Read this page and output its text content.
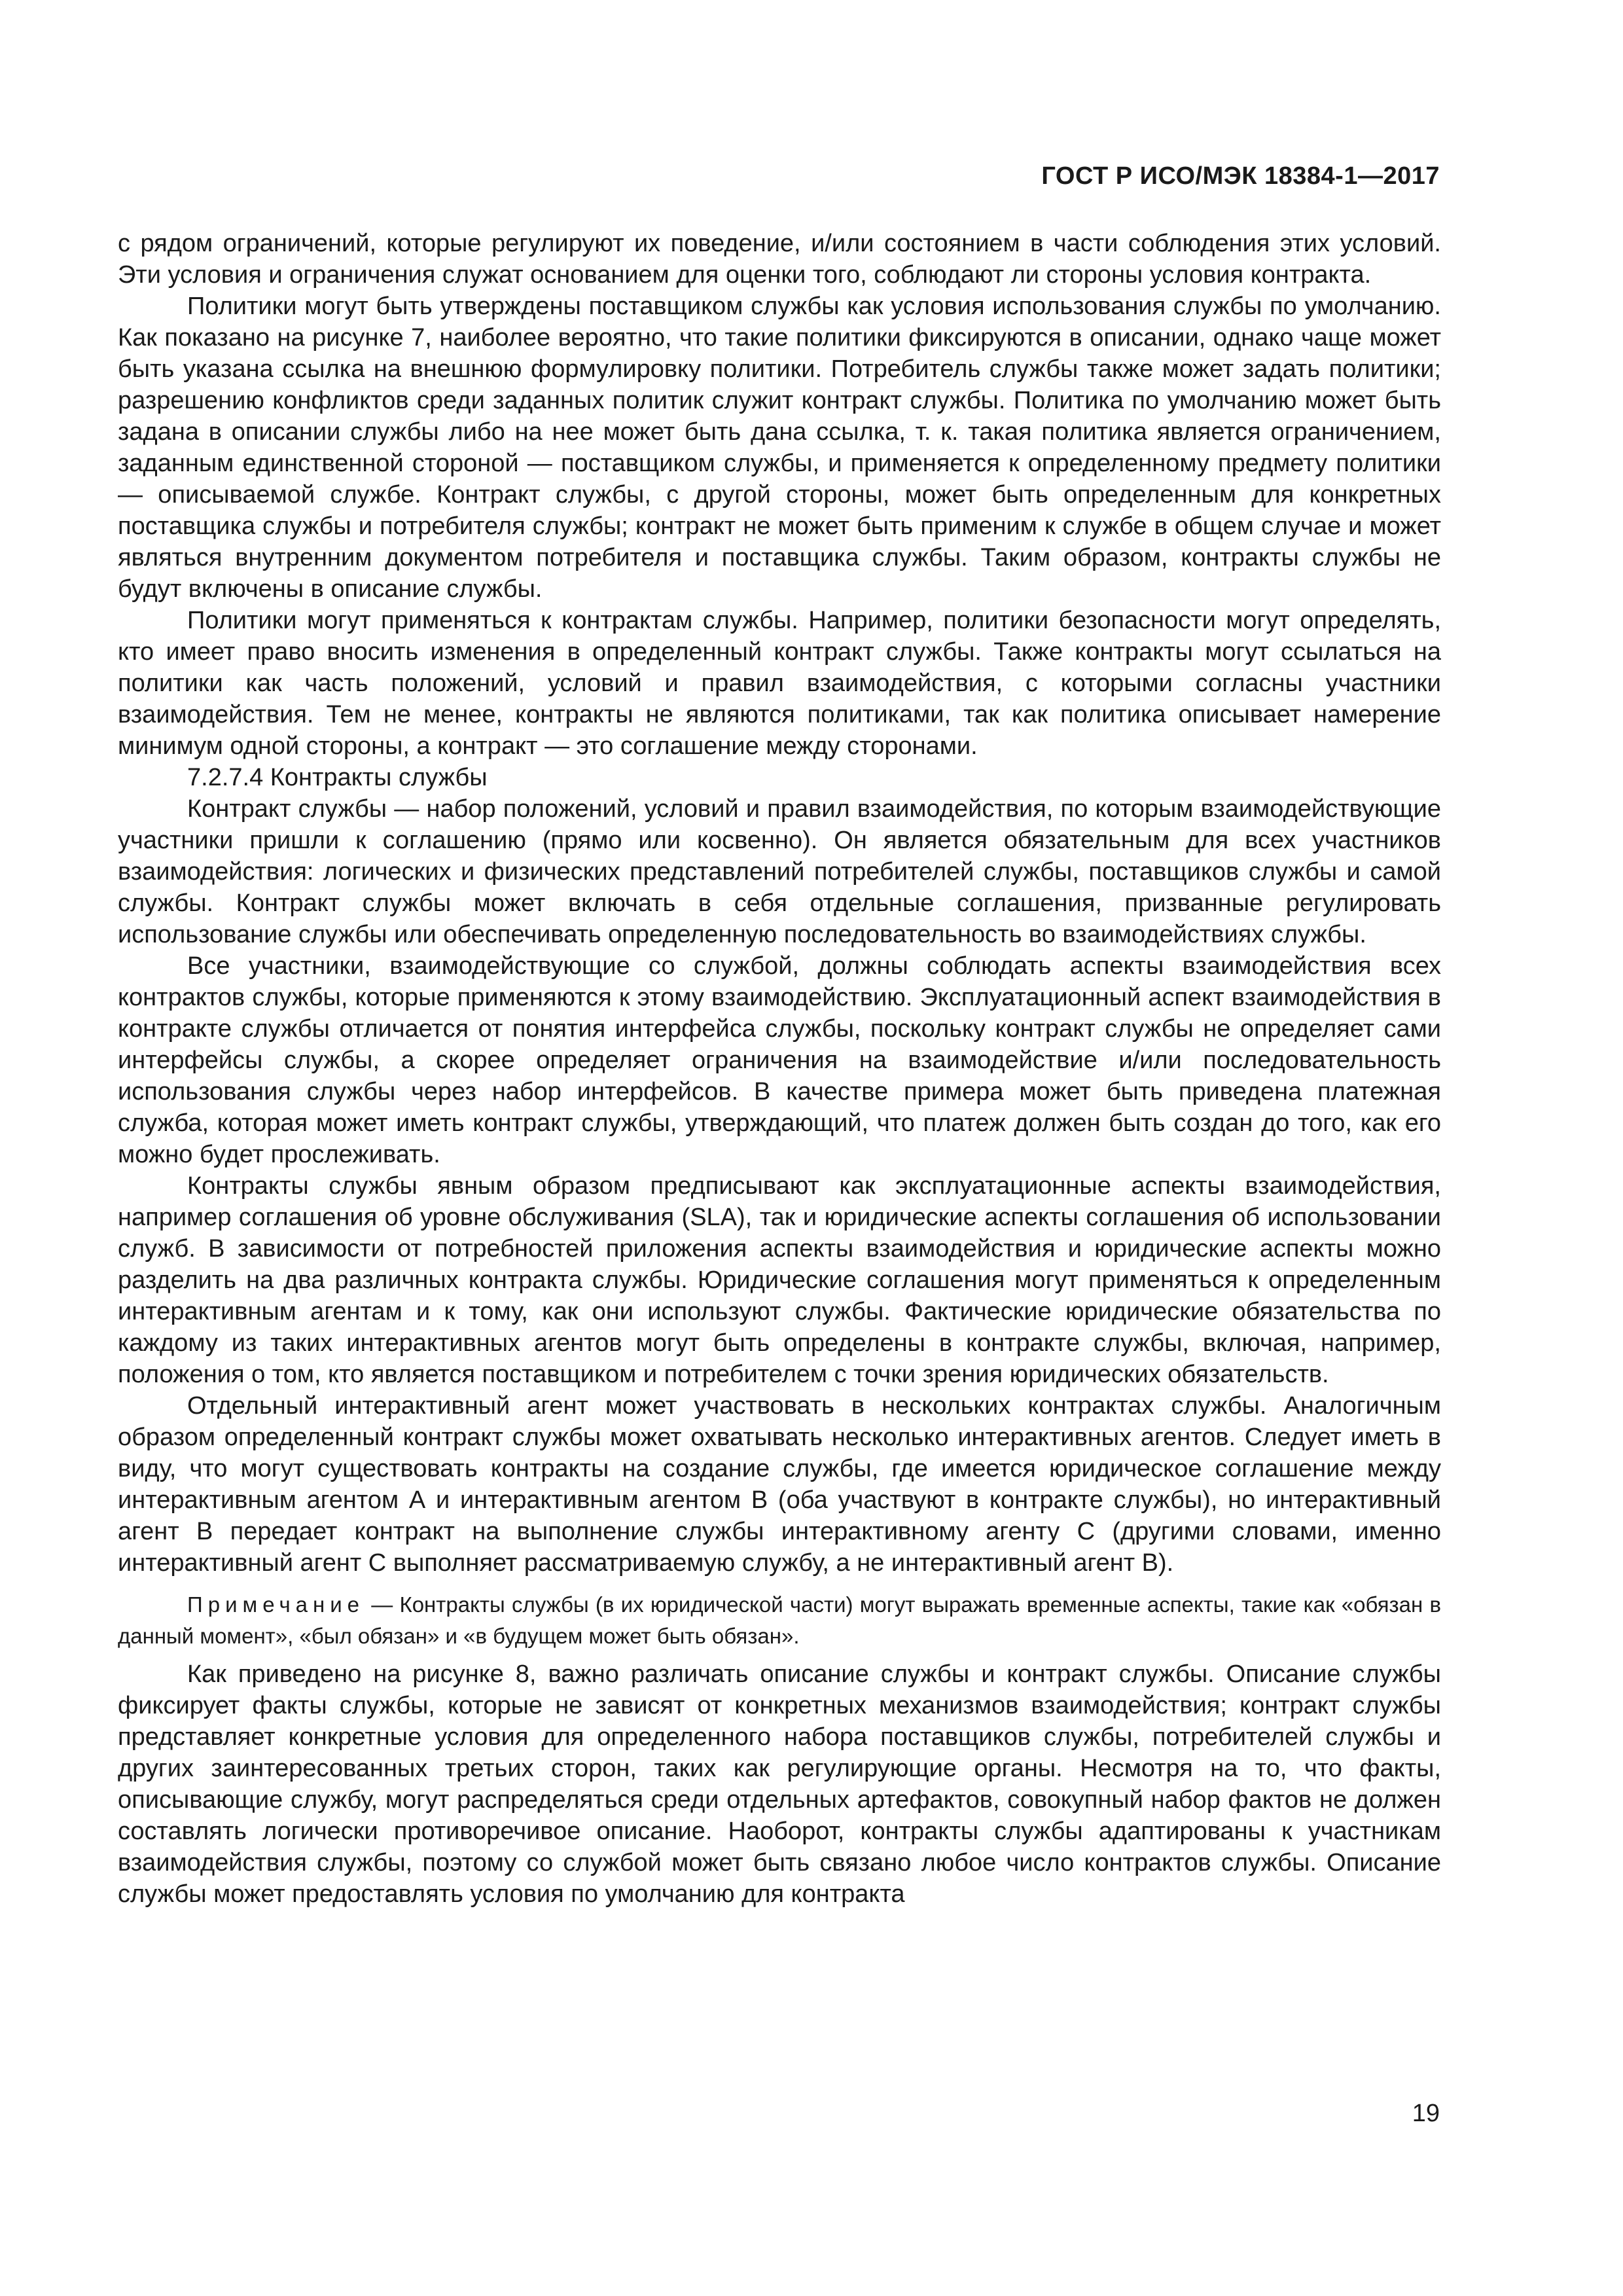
ГОСТ Р ИСО/МЭК 18384-1—2017

с рядом ограничений, которые регулируют их поведение, и/или состоянием в части соблюдения этих условий. Эти условия и ограничения служат основанием для оценки того, соблюдают ли стороны условия контракта.

Политики могут быть утверждены поставщиком службы как условия использования службы по умолчанию. Как показано на рисунке 7, наиболее вероятно, что такие политики фиксируются в описании, однако чаще может быть указана ссылка на внешнюю формулировку политики. Потребитель службы также может задать политики; разрешению конфликтов среди заданных политик служит контракт службы. Политика по умолчанию может быть задана в описании службы либо на нее может быть дана ссылка, т. к. такая политика является ограничением, заданным единственной стороной — поставщиком службы, и применяется к определенному предмету политики — описываемой службе. Контракт службы, с другой стороны, может быть определенным для конкретных поставщика службы и потребителя службы; контракт не может быть применим к службе в общем случае и может являться внутренним документом потребителя и поставщика службы. Таким образом, контракты службы не будут включены в описание службы.

Политики могут применяться к контрактам службы. Например, политики безопасности могут определять, кто имеет право вносить изменения в определенный контракт службы. Также контракты могут ссылаться на политики как часть положений, условий и правил взаимодействия, с которыми согласны участники взаимодействия. Тем не менее, контракты не являются политиками, так как политика описывает намерение минимум одной стороны, а контракт — это соглашение между сторонами.

7.2.7.4 Контракты службы

Контракт службы — набор положений, условий и правил взаимодействия, по которым взаимодействующие участники пришли к соглашению (прямо или косвенно). Он является обязательным для всех участников взаимодействия: логических и физических представлений потребителей службы, поставщиков службы и самой службы. Контракт службы может включать в себя отдельные соглашения, призванные регулировать использование службы или обеспечивать определенную последовательность во взаимодействиях службы.

Все участники, взаимодействующие со службой, должны соблюдать аспекты взаимодействия всех контрактов службы, которые применяются к этому взаимодействию. Эксплуатационный аспект взаимодействия в контракте службы отличается от понятия интерфейса службы, поскольку контракт службы не определяет сами интерфейсы службы, а скорее определяет ограничения на взаимодействие и/или последовательность использования службы через набор интерфейсов. В качестве примера может быть приведена платежная служба, которая может иметь контракт службы, утверждающий, что платеж должен быть создан до того, как его можно будет прослеживать.

Контракты службы явным образом предписывают как эксплуатационные аспекты взаимодействия, например соглашения об уровне обслуживания (SLA), так и юридические аспекты соглашения об использовании служб. В зависимости от потребностей приложения аспекты взаимодействия и юридические аспекты можно разделить на два различных контракта службы. Юридические соглашения могут применяться к определенным интерактивным агентам и к тому, как они используют службы. Фактические юридические обязательства по каждому из таких интерактивных агентов могут быть определены в контракте службы, включая, например, положения о том, кто является поставщиком и потребителем с точки зрения юридических обязательств.

Отдельный интерактивный агент может участвовать в нескольких контрактах службы. Аналогичным образом определенный контракт службы может охватывать несколько интерактивных агентов. Следует иметь в виду, что могут существовать контракты на создание службы, где имеется юридическое соглашение между интерактивным агентом А и интерактивным агентом В (оба участвуют в контракте службы), но интерактивный агент В передает контракт на выполнение службы интерактивному агенту С (другими словами, именно интерактивный агент С выполняет рассматриваемую службу, а не интерактивный агент В).

Примечание — Контракты службы (в их юридической части) могут выражать временные аспекты, такие как «обязан в данный момент», «был обязан» и «в будущем может быть обязан».

Как приведено на рисунке 8, важно различать описание службы и контракт службы. Описание службы фиксирует факты службы, которые не зависят от конкретных механизмов взаимодействия; контракт службы представляет конкретные условия для определенного набора поставщиков службы, потребителей службы и других заинтересованных третьих сторон, таких как регулирующие органы. Несмотря на то, что факты, описывающие службу, могут распределяться среди отдельных артефактов, совокупный набор фактов не должен составлять логически противоречивое описание. Наоборот, контракты службы адаптированы к участникам взаимодействия службы, поэтому со службой может быть связано любое число контрактов службы. Описание службы может предоставлять условия по умолчанию для контракта

19
